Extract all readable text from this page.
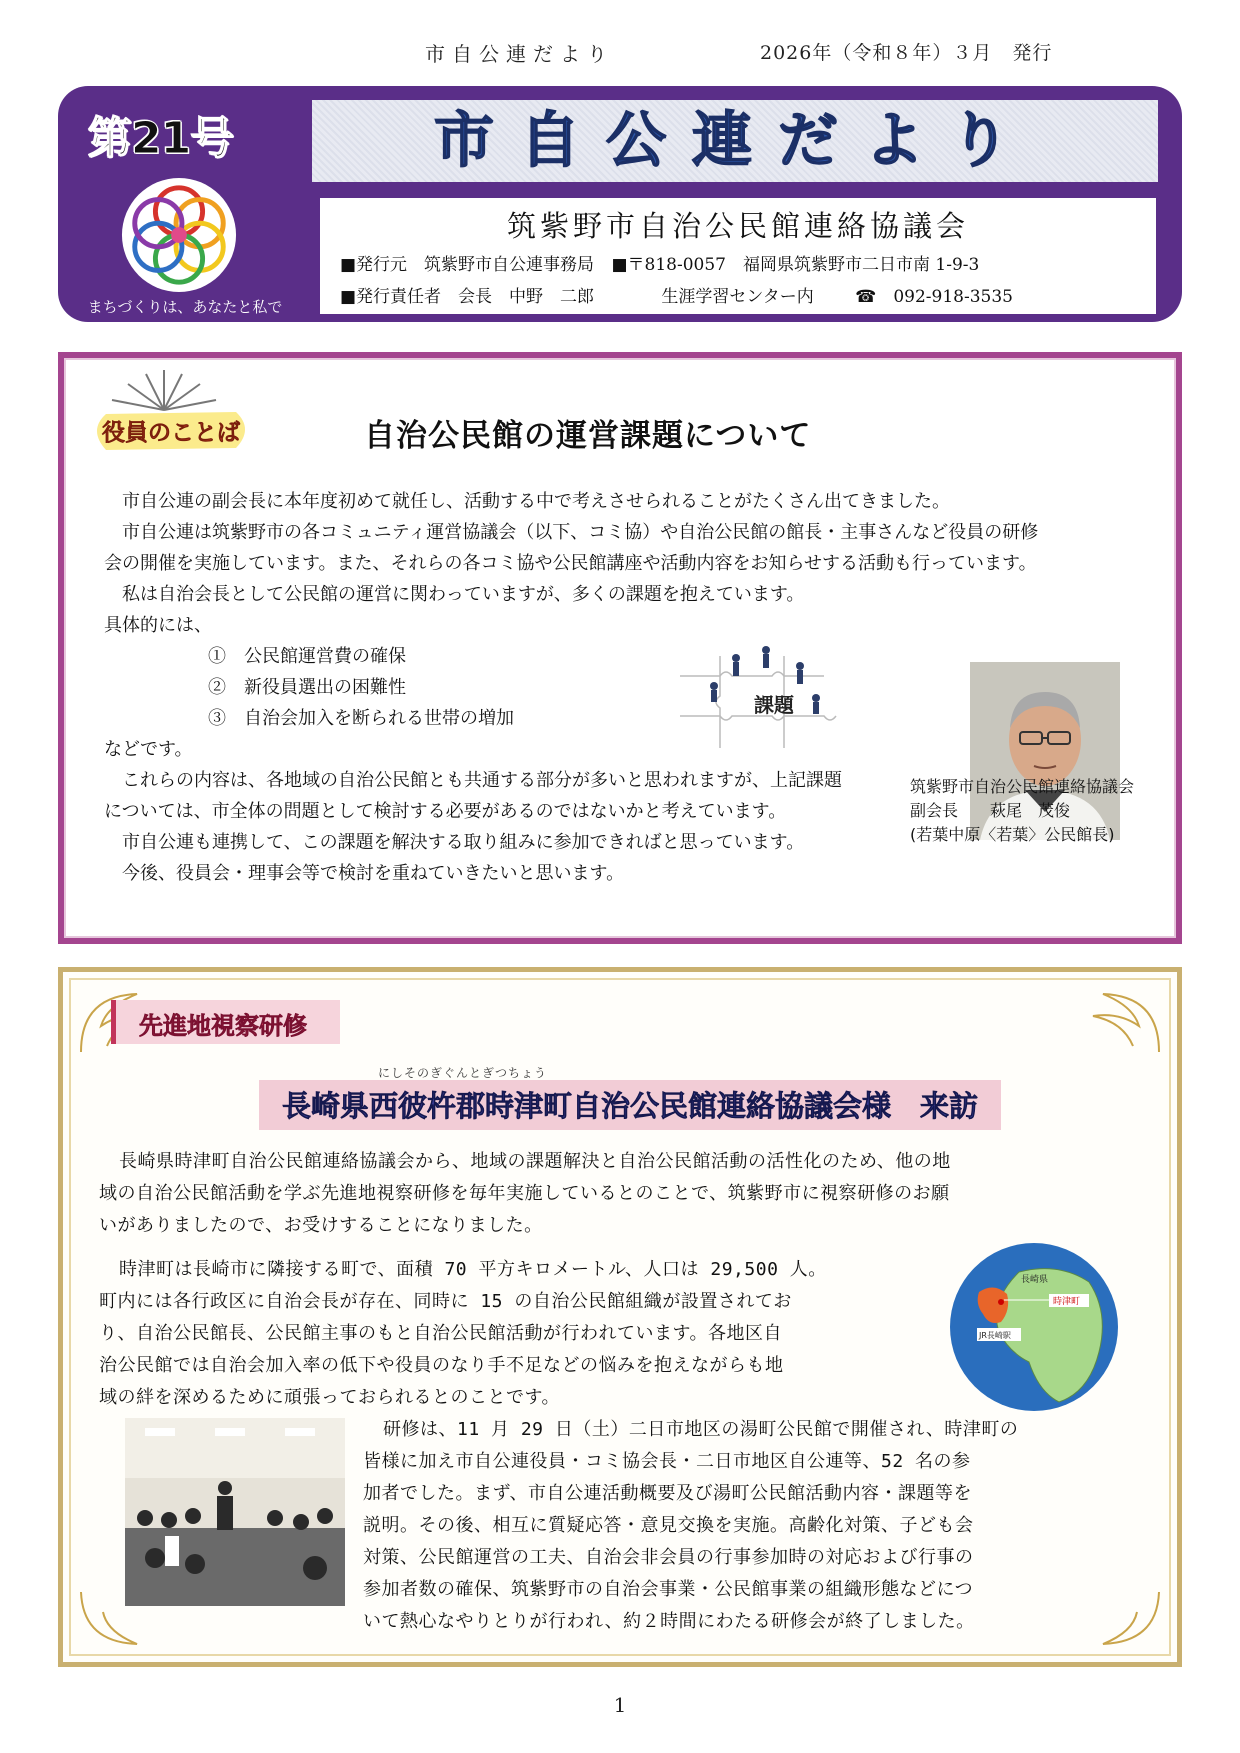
市自公連だより	2026年（令和８年）３月　発行
第21号
まちづくりは、あなたと私で
市自公連だより
筑紫野市自治公民館連絡協議会
■発行元　筑紫野市自公連事務局 ■〒818-0057　福岡県筑紫野市二日市南 1-9-3
■発行責任者　会長　中野　二郎	生涯学習センター内 ☎　092-918-3535
役員のことば	自治公民館の運営課題について
市自公連の副会長に本年度初めて就任し、活動する中で考えさせられることがたくさん出てきました。
市自公連は筑紫野市の各コミュニティ運営協議会（以下、コミ協）や自治公民館の館長・主事さんなど役員の研修
会の開催を実施しています。また、それらの各コミ協や公民館講座や活動内容をお知らせする活動も行っています。
私は自治会長として公民館の運営に関わっていますが、多くの課題を抱えています。
具体的には、
①　公民館運営費の確保
②　新役員選出の困難性
③　自治会加入を断られる世帯の増加
などです。
これらの内容は、各地域の自治公民館とも共通する部分が多いと思われますが、上記課題
については、市全体の問題として検討する必要があるのではないかと考えています。
市自公連も連携して、この課題を解決する取り組みに参加できればと思っています。
今後、役員会・理事会等で検討を重ねていきたいと思います。
課題
筑紫野市自治公民館連絡協議会
副会長　　萩尾　茂俊
(若葉中原〈若葉〉公民館長)
先進地視察研修
にしそのぎぐんとぎつちょう
長崎県西彼杵郡時津町自治公民館連絡協議会様　来訪
長崎県時津町自治公民館連絡協議会から、地域の課題解決と自治公民館活動の活性化のため、他の地
域の自治公民館活動を学ぶ先進地視察研修を毎年実施しているとのことで、筑紫野市に視察研修のお願
いがありましたので、お受けすることになりました。
時津町は長崎市に隣接する町で、面積 70 平方キロメートル、人口は 29,500 人。
町内には各行政区に自治会長が存在、同時に 15 の自治公民館組織が設置されてお
り、自治公民館長、公民館主事のもと自治公民館活動が行われています。各地区自
治公民館では自治会加入率の低下や役員のなり手不足などの悩みを抱えながらも地
域の絆を深めるために頑張っておられるとのことです。
長崎県
時津町
JR長崎駅
研修は、11 月 29 日（土）二日市地区の湯町公民館で開催され、時津町の
皆様に加え市自公連役員・コミ協会長・二日市地区自公連等、52 名の参
加者でした。まず、市自公連活動概要及び湯町公民館活動内容・課題等を
説明。その後、相互に質疑応答・意見交換を実施。高齢化対策、子ども会
対策、公民館運営の工夫、自治会非会員の行事参加時の対応および行事の
参加者数の確保、筑紫野市の自治会事業・公民館事業の組織形態などにつ
いて熱心なやりとりが行われ、約２時間にわたる研修会が終了しました。
1
